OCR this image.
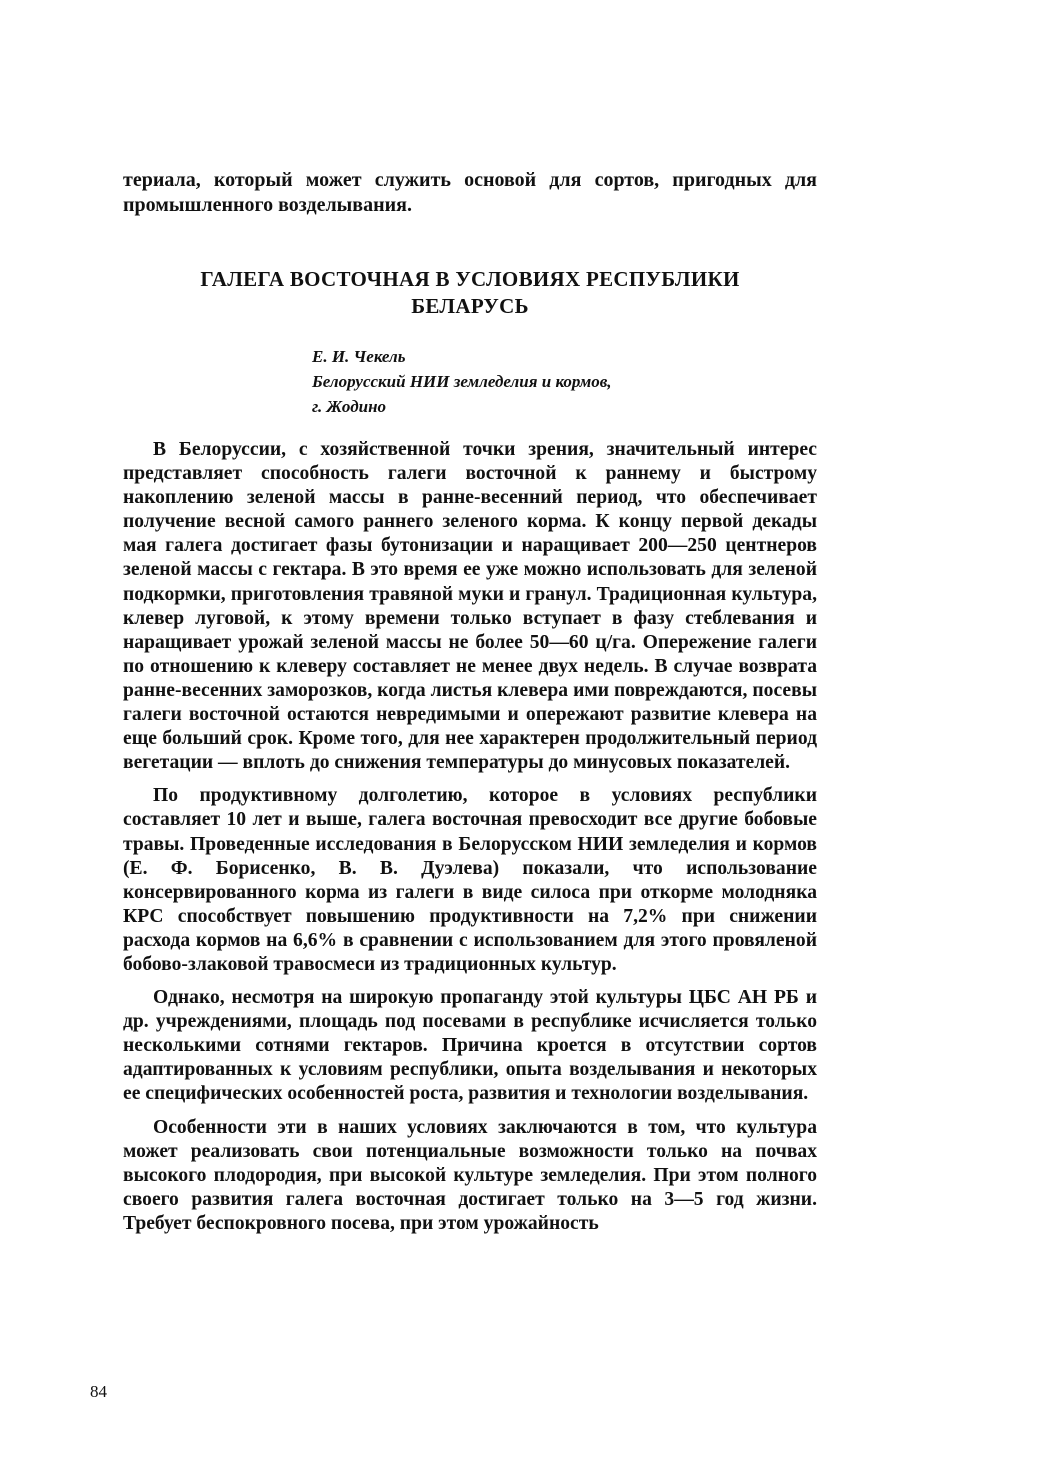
териала, который может служить основой для сортов, пригодных для промышленного возделывания.
ГАЛЕГА ВОСТОЧНАЯ В УСЛОВИЯХ РЕСПУБЛИКИ
БЕЛАРУСЬ
Е. И. Чекель
Белорусский НИИ земледелия и кормов,
г. Жодино

В Белоруссии, с хозяйственной точки зрения, значительный интерес представляет способность галеги восточной к раннему и быстрому накоплению зеленой массы в ранне-весенний период, что обеспечивает получение весной самого раннего зеленого корма. К концу первой декады мая галега достигает фазы бутонизации и наращивает 200—250 центнеров зеленой массы с гектара. В это время ее уже можно использовать для зеленой подкормки, приготовления травяной муки и гранул. Традиционная культура, клевер луговой, к этому времени только вступает в фазу стеблевания и наращивает урожай зеленой массы не более 50—60 ц/га. Опережение галеги по отношению к клеверу составляет не менее двух недель. В случае возврата ранне-весенних заморозков, когда листья клевера ими повреждаются, посевы галеги восточной остаются невредимыми и опережают развитие клевера на еще больший срок. Кроме того, для нее характерен продолжительный период вегетации — вплоть до снижения температуры до минусовых показателей.

По продуктивному долголетию, которое в условиях республики составляет 10 лет и выше, галега восточная превосходит все другие бобовые травы. Проведенные исследования в Белорусском НИИ земледелия и кормов (Е. Ф. Борисенко, В. В. Дуэлева) показали, что использование консервированного корма из галеги в виде силоса при откорме молодняка КРС способствует повышению продуктивности на 7,2% при снижении расхода кормов на 6,6% в сравнении с использованием для этого провяленой бобово-злаковой травосмеси из традиционных культур.

Однако, несмотря на широкую пропаганду этой культуры ЦБС АН РБ и др. учреждениями, площадь под посевами в республике исчисляется только несколькими сотнями гектаров. Причина кроется в отсутствии сортов адаптированных к условиям республики, опыта возделывания и некоторых ее специфических особенностей роста, развития и технологии возделывания.

Особенности эти в наших условиях заключаются в том, что культура может реализовать свои потенциальные возможности только на почвах высокого плодородия, при высокой культуре земледелия. При этом полного своего развития галега восточная достигает только на 3—5 год жизни. Требует беспокровного посева, при этом урожайность

84
